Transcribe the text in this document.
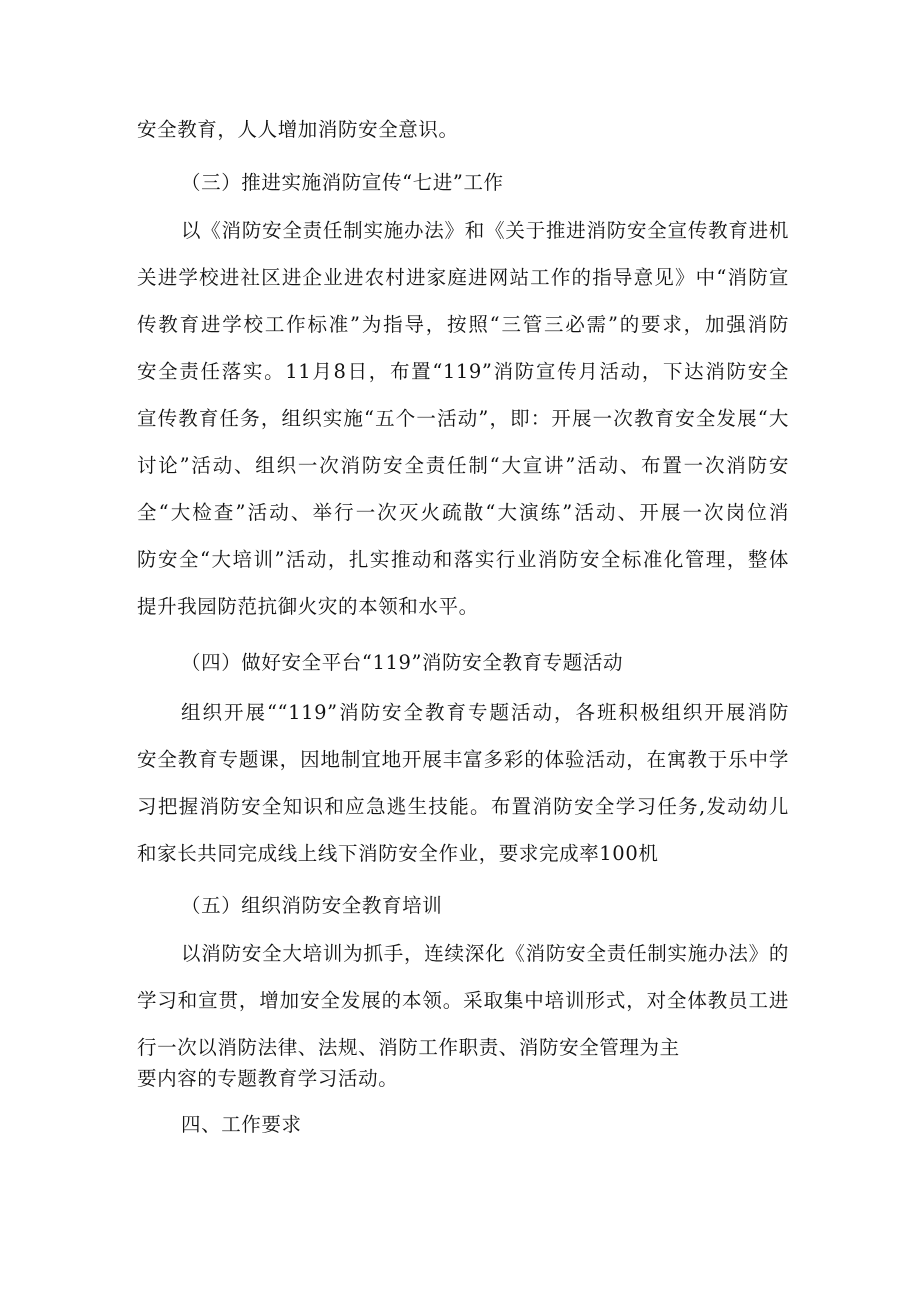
安全教育，人人增加消防安全意识。
（三）推进实施消防宣传“七进”工作
以《消防安全责任制实施办法》和《关于推进消防安全宣传教育进机
关进学校进社区进企业进农村进家庭进网站工作的指导意见》中“消防宣
传教育进学校工作标准”为指导，按照“三管三必需”的要求，加强消防
安全责任落实。11月8日，布置“119”消防宣传月活动，下达消防安全
宣传教育任务，组织实施“五个一活动”，即：开展一次教育安全发展“大
讨论”活动、组织一次消防安全责任制“大宣讲”活动、布置一次消防安
全“大检查”活动、举行一次灭火疏散“大演练”活动、开展一次岗位消
防安全“大培训”活动，扎实推动和落实行业消防安全标准化管理，整体
提升我园防范抗御火灾的本领和水平。
（四）做好安全平台“119”消防安全教育专题活动
组织开展““119”消防安全教育专题活动，各班积极组织开展消防
安全教育专题课，因地制宜地开展丰富多彩的体验活动，在寓教于乐中学
习把握消防安全知识和应急逃生技能。布置消防安全学习任务,发动幼儿
和家长共同完成线上线下消防安全作业，要求完成率100机
（五）组织消防安全教育培训
以消防安全大培训为抓手，连续深化《消防安全责任制实施办法》的
学习和宣贯，增加安全发展的本领。采取集中培训形式，对全体教员工进
行一次以消防法律、法规、消防工作职责、消防安全管理为主
要内容的专题教育学习活动。
四、工作要求
